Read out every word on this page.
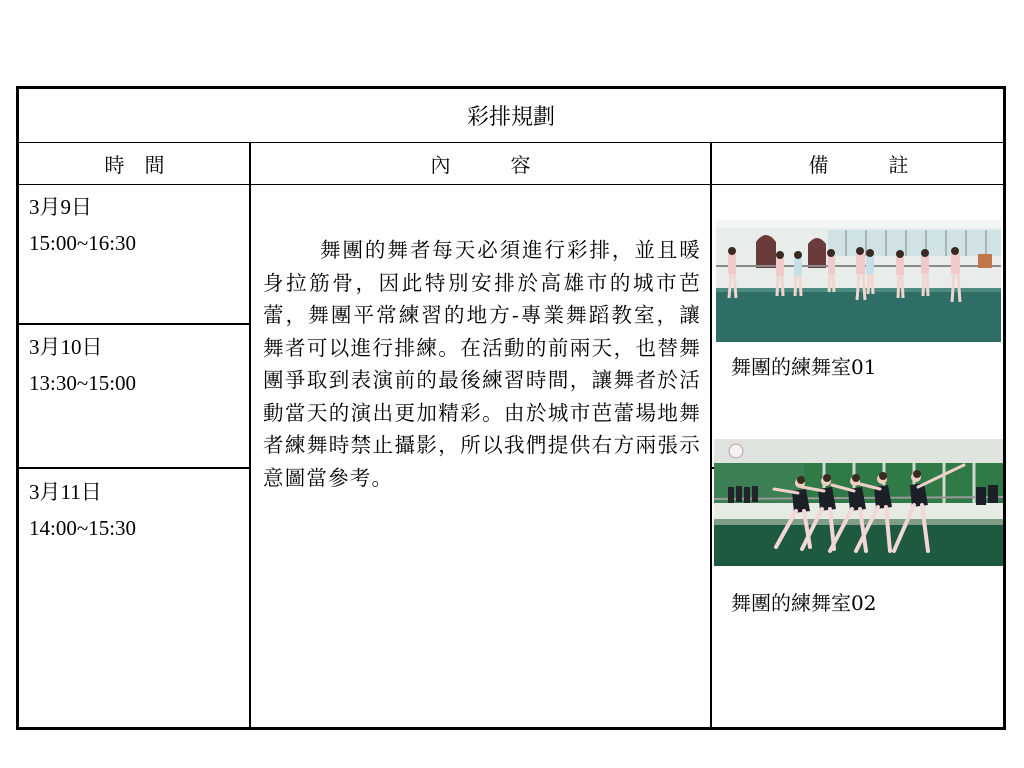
彩排規劃
時　間	內　　　容	備　　　註
3月9日
15:00~16:30
3月10日
13:30~15:00
3月11日
14:00~15:30
舞團的舞者每天必須進行彩排，並且暖身拉筋骨，因此特別安排於高雄市的城市芭蕾，舞團平常練習的地方-專業舞蹈教室，讓舞者可以進行排練。在活動的前兩天，也替舞團爭取到表演前的最後練習時間，讓舞者於活動當天的演出更加精彩。由於城市芭蕾場地舞者練舞時禁止攝影，所以我們提供右方兩張示意圖當參考。
舞團的練舞室01
舞團的練舞室02
